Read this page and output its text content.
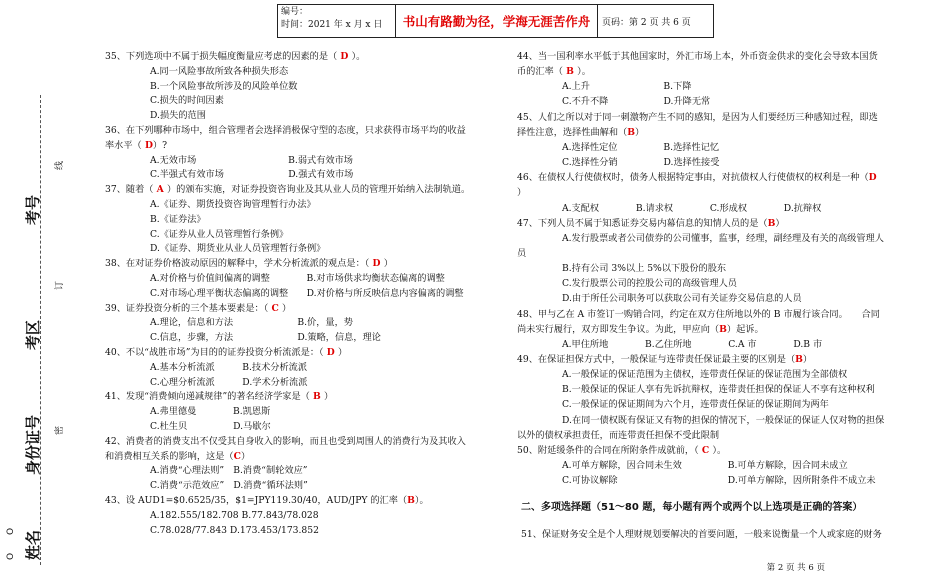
编号：
时间：2021 年 x 月 x 日	书山有路勤为径，学海无涯苦作舟	页码：第 2 页 共 6 页
线
考号
考区
订
身份证号	密
姓名
O
O
35、下列选项中不属于损失幅度衡量应考虑的因素的是（ D ）。
A.同一风险事故所致各种损失形态
B.一个风险事故所涉及的风险单位数
C.损失的时间因素
D.损失的范围
36、在下列哪种市场中，组合管理者会选择消极保守型的态度，只求获得市场平均的收益
率水平（ D）?
A.无效市场　　　　　　　　　　B.弱式有效市场
C.半强式有效市场　　　　　　　D.强式有效市场
37、随着（ A ）的颁布实施，对证券投资咨询业及其从业人员的管理开始纳入法制轨道。
A.《证券、期货投资咨询管理暂行办法》
B.《证券法》
C.《证券从业人员管理暂行条例》
D.《证券、期货业从业人员管理暂行条例》
38、在对证券价格波动原因的解释中，学术分析流派的观点是：（ D ）
A.对价格与价值间偏离的调整　　　　B.对市场供求均衡状态偏离的调整
C.对市场心理平衡状态偏离的调整　　D.对价格与所反映信息内容偏离的调整
39、证券投资分析的三个基本要素是：（ C ）
A.理论，信息和方法　　　　　　　B.价，量，势
C.信息，步骤，方法　　　　　　　D.策略，信息，理论
40、不以“战胜市场”为目的的证券投资分析流派是：（ D ）
A.基本分析流派　　　B.技术分析流派
C.心理分析流派　　　D.学术分析流派
41、发现“消费倾向递减规律”的著名经济学家是（ B ）
A.弗里德曼　　　　B.凯恩斯
C.杜生贝　　　　　D.马歇尔
42、消费者的消费支出不仅受其自身收入的影响，而且也受到周围人的消费行为及其收入
和消费相互关系的影响，这是（C）
A.消费“心理法则”　B.消费“制轮效应”
C.消费“示范效应”　D.消费“循环法则”
43、设 AUD1=$0.6525/35，$1=JPY119.30/40，AUD/JPY 的汇率（B）。
A.182.555/182.708 B.77.843/78.028
C.78.028/77.843 D.173.453/173.852
44、当一国利率水平低于其他国家时，外汇市场上本，外币资金供求的变化会导致本国货
币的汇率（ B ）。
A.上升　　　　　　　　B.下降
C.不升不降　　　　　　D.升降无常
45、人们之所以对于同一刺激物产生不同的感知，是因为人们要经历三种感知过程，即选
择性注意，选择性曲解和（B）
A.选择性定位　　　　　B.选择性记忆
C.选择性分销　　　　　D.选择性接受
46、在债权人行使债权时，债务人根据特定事由，对抗债权人行使债权的权利是一种（D
）
A.支配权　　　　B.请求权　　　　C.形成权　　　　D.抗辩权
47、下列人员不属于知悉证券交易内幕信息的知情人员的是（B）
A.发行股票或者公司债券的公司懂事，监事，经理，副经理及有关的高级管理人
员
B.持有公司 3%以上 5%以下股份的股东
C.发行股票公司的控股公司的高级管理人员
D.由于所任公司职务可以获取公司有关证券交易信息的人员
48、甲与乙在 A 市签订一购销合同，约定在双方住所地以外的 B 市履行该合同。　　合同
尚未实行履行，双方即发生争议。为此，甲应向（B）起诉。
A.甲住所地　　　　B.乙住所地　　　　C.A 市　　　　D.B 市
49、在保证担保方式中，一般保证与连带责任保证最主要的区别是（B）
A.一般保证的保证范围为主债权，连带责任保证的保证范围为全部债权
B.一般保证的保证人享有先诉抗辩权，连带责任担保的保证人不享有这种权利
C.一般保证的保证期间为六个月，连带责任保证的保证期间为两年
D.在同一债权既有保证又有物的担保的情况下，一般保证的保证人仅对物的担保
以外的债权承担责任，而连带责任担保不受此限制
50、附延缓条件的合同在所附条件成就前，（ C ）。
A.可单方解除，因合同未生效　　　　　B.可单方解除，因合同未成立
C.可协议解除　　　　　　　　　　　　D.可单方解除，因所附条件不成立未
二、多项选择题（51～80 题，每小题有两个或两个以上选项是正确的答案）
51、保证财务安全是个人理财规划要解决的首要问题，一般来说衡量一个人或家庭的财务
第 2 页 共 6 页
